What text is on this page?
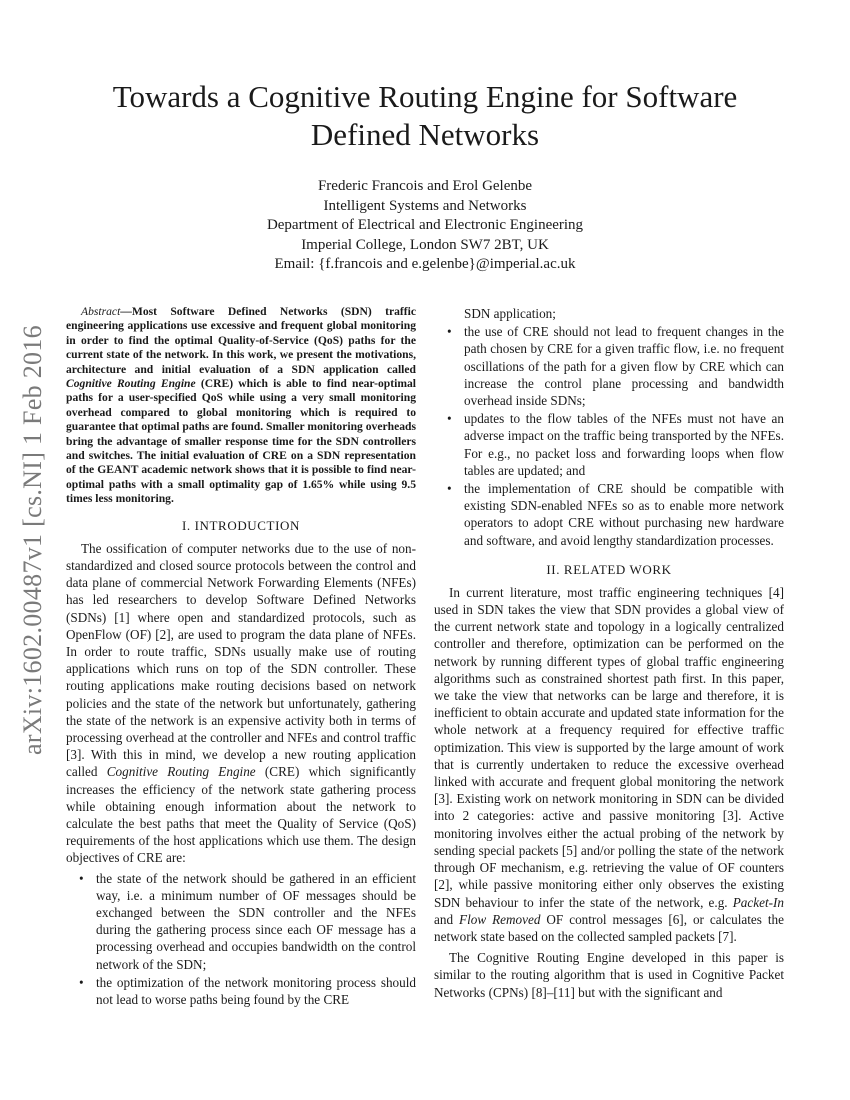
arXiv:1602.00487v1 [cs.NI] 1 Feb 2016
Towards a Cognitive Routing Engine for Software Defined Networks
Frederic Francois and Erol Gelenbe
Intelligent Systems and Networks
Department of Electrical and Electronic Engineering
Imperial College, London SW7 2BT, UK
Email: {f.francois and e.gelenbe}@imperial.ac.uk

Abstract—Most Software Defined Networks (SDN) traffic engineering applications use excessive and frequent global monitoring in order to find the optimal Quality-of-Service (QoS) paths for the current state of the network. In this work, we present the motivations, architecture and initial evaluation of a SDN application called Cognitive Routing Engine (CRE) which is able to find near-optimal paths for a user-specified QoS while using a very small monitoring overhead compared to global monitoring which is required to guarantee that optimal paths are found. Smaller monitoring overheads bring the advantage of smaller response time for the SDN controllers and switches. The initial evaluation of CRE on a SDN representation of the GEANT academic network shows that it is possible to find near-optimal paths with a small optimality gap of 1.65% while using 9.5 times less monitoring.

I. INTRODUCTION

The ossification of computer networks due to the use of non-standardized and closed source protocols between the control and data plane of commercial Network Forwarding Elements (NFEs) has led researchers to develop Software Defined Networks (SDNs) [1] where open and standardized protocols, such as OpenFlow (OF) [2], are used to program the data plane of NFEs. In order to route traffic, SDNs usually make use of routing applications which runs on top of the SDN controller. These routing applications make routing decisions based on network policies and the state of the network but unfortunately, gathering the state of the network is an expensive activity both in terms of processing overhead at the controller and NFEs and control traffic [3]. With this in mind, we develop a new routing application called Cognitive Routing Engine (CRE) which significantly increases the efficiency of the network state gathering process while obtaining enough information about the network to calculate the best paths that meet the Quality of Service (QoS) requirements of the host applications which use them. The design objectives of CRE are:

• the state of the network should be gathered in an efficient way, i.e. a minimum number of OF messages should be exchanged between the SDN controller and the NFEs during the gathering process since each OF message has a processing overhead and occupies bandwidth on the control network of the SDN;
• the optimization of the network monitoring process should not lead to worse paths being found by the CRE
SDN application;
• the use of CRE should not lead to frequent changes in the path chosen by CRE for a given traffic flow, i.e. no frequent oscillations of the path for a given flow by CRE which can increase the control plane processing and bandwidth overhead inside SDNs;
• updates to the flow tables of the NFEs must not have an adverse impact on the traffic being transported by the NFEs. For e.g., no packet loss and forwarding loops when flow tables are updated; and
• the implementation of CRE should be compatible with existing SDN-enabled NFEs so as to enable more network operators to adopt CRE without purchasing new hardware and software, and avoid lengthy standardization processes.
II. RELATED WORK

In current literature, most traffic engineering techniques [4] used in SDN takes the view that SDN provides a global view of the current network state and topology in a logically centralized controller and therefore, optimization can be performed on the network by running different types of global traffic engineering algorithms such as constrained shortest path first. In this paper, we take the view that networks can be large and therefore, it is inefficient to obtain accurate and updated state information for the whole network at a frequency required for effective traffic optimization. This view is supported by the large amount of work that is currently undertaken to reduce the excessive overhead linked with accurate and frequent global monitoring the network [3]. Existing work on network monitoring in SDN can be divided into 2 categories: active and passive monitoring [3]. Active monitoring involves either the actual probing of the network by sending special packets [5] and/or polling the state of the network through OF mechanism, e.g. retrieving the value of OF counters [2], while passive monitoring either only observes the existing SDN behaviour to infer the state of the network, e.g. Packet-In and Flow Removed OF control messages [6], or calculates the network state based on the collected sampled packets [7].

The Cognitive Routing Engine developed in this paper is similar to the routing algorithm that is used in Cognitive Packet Networks (CPNs) [8]–[11] but with the significant and
